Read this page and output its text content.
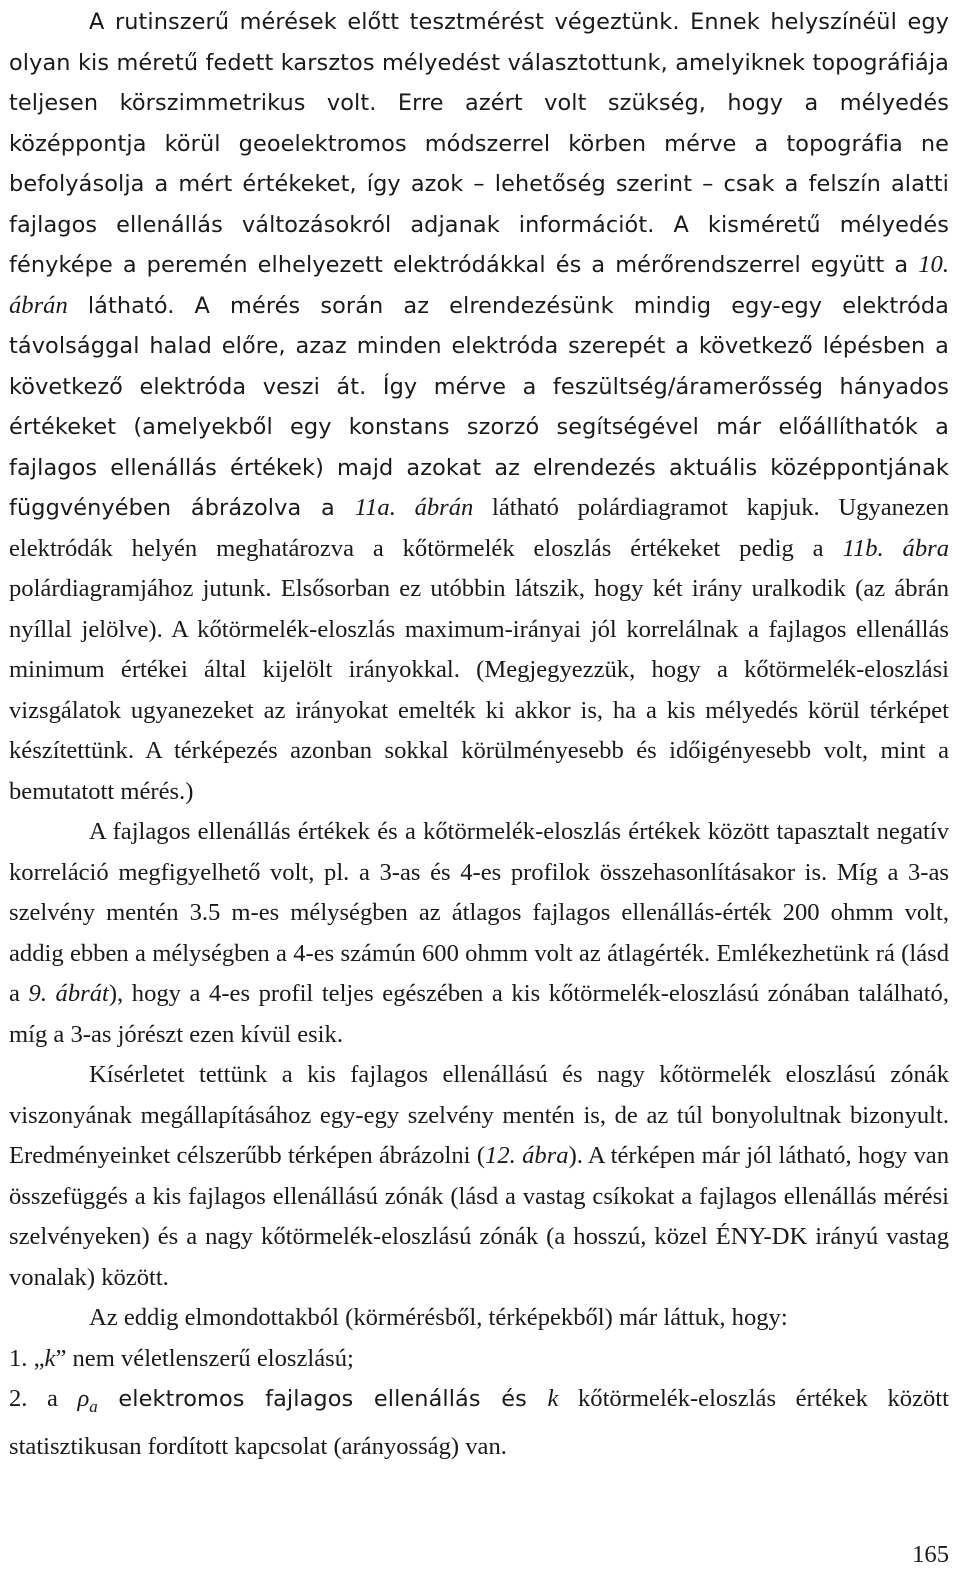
A rutinszerű mérések előtt tesztmérést végeztünk. Ennek helyszínéül egy olyan kis méretű fedett karsztos mélyedést választottunk, amelyiknek topográfiája teljesen körszimmetrikus volt. Erre azért volt szükség, hogy a mélyedés középpontja körül geoelektromos módszerrel körben mérve a topográfia ne befolyásolja a mért értékeket, így azok – lehetőség szerint – csak a felszín alatti fajlagos ellenállás változásokról adjanak információt. A kisméretű mélyedés fényképe a peremén elhelyezett elektródákkal és a mérőrendszerrel együtt a 10. ábrán látható. A mérés során az elrendezésünk mindig egy-egy elektróda távolsággal halad előre, azaz minden elektróda szerepét a következő lépésben a következő elektróda veszi át. Így mérve a feszültség/áramerősség hányados értékeket (amelyekből egy konstans szorzó segítségével már előállíthatók a fajlagos ellenállás értékek) majd azokat az elrendezés aktuális középpontjának függvényében ábrázolva a 11a. ábrán látható polárdiagramot kapjuk. Ugyanezen elektródák helyén meghatározva a kőtörmelék eloszlás értékeket pedig a 11b. ábra polárdiagramjához jutunk. Elsősorban ez utóbbin látszik, hogy két irány uralkodik (az ábrán nyíllal jelölve). A kőtörmelék-eloszlás maximum-irányai jól korrelálnak a fajlagos ellenállás minimum értékei által kijelölt irányokkal. (Megjegyezzük, hogy a kőtörmelék-eloszlási vizsgálatok ugyanezeket az irányokat emelték ki akkor is, ha a kis mélyedés körül térképet készítettünk. A térképezés azonban sokkal körülményesebb és időigényesebb volt, mint a bemutatott mérés.)

A fajlagos ellenállás értékek és a kőtörmelék-eloszlás értékek között tapasztalt negatív korreláció megfigyelhető volt, pl. a 3-as és 4-es profilok összehasonlításakor is. Míg a 3-as szelvény mentén 3.5 m-es mélységben az átlagos fajlagos ellenállás-érték 200 ohmm volt, addig ebben a mélységben a 4-es számún 600 ohmm volt az átlagérték. Emlékezhetünk rá (lásd a 9. ábrát), hogy a 4-es profil teljes egészében a kis kőtörmelék-eloszlású zónában található, míg a 3-as jórészt ezen kívül esik.

Kísérletet tettünk a kis fajlagos ellenállású és nagy kőtörmelék eloszlású zónák viszonyának megállapításához egy-egy szelvény mentén is, de az túl bonyolultnak bizonyult. Eredményeinket célszerűbb térképen ábrázolni (12. ábra). A térképen már jól látható, hogy van összefüggés a kis fajlagos ellenállású zónák (lásd a vastag csíkokat a fajlagos ellenállás mérési szelvényeken) és a nagy kőtörmelék-eloszlású zónák (a hosszú, közel ÉNY-DK irányú vastag vonalak) között.

Az eddig elmondottakból (körmérésből, térképekből) már láttuk, hogy:

1. „k” nem véletlenszerű eloszlású;

2. a $\rho_a$ elektromos fajlagos ellenállás és k kőtörmelék-eloszlás értékek között statisztikusan fordított kapcsolat (arányosság) van.

165
